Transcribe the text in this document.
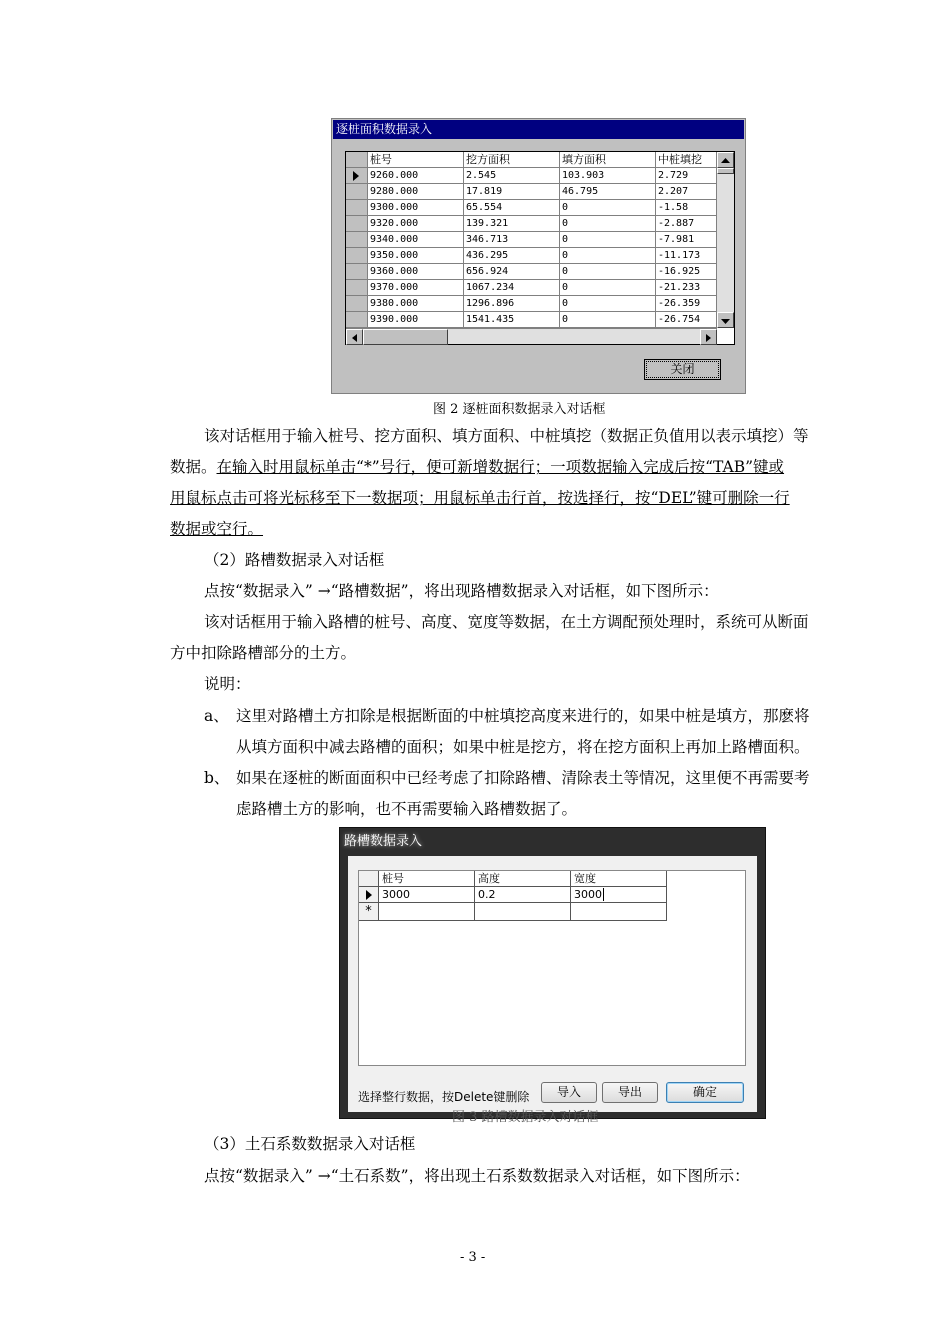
逐桩面积数据录入
桩号	挖方面积	填方面积	中桩填挖
9260.000	2.545	103.903	2.729
9280.000	17.819	46.795	2.207
9300.000	65.554	0	-1.58
9320.000	139.321	0	-2.887
9340.000	346.713	0	-7.981
9350.000	436.295	0	-11.173
9360.000	656.924	0	-16.925
9370.000	1067.234	0	-21.233
9380.000	1296.896	0	-26.359
9390.000	1541.435	0	-26.754
关闭
图 2 逐桩面积数据录入对话框
该对话框用于输入桩号、挖方面积、填方面积、中桩填挖（数据正负值用以表示填挖）等
数据。在输入时用鼠标单击“*”号行，便可新增数据行；一项数据输入完成后按“TAB”键或
用鼠标点击可将光标移至下一数据项；用鼠标单击行首，按选择行，按“DEL”键可删除一行
数据或空行。
（2）路槽数据录入对话框
点按“数据录入” →“路槽数据”，将出现路槽数据录入对话框，如下图所示：
该对话框用于输入路槽的桩号、高度、宽度等数据，在土方调配预处理时，系统可从断面
方中扣除路槽部分的土方。
说明：
a、 这里对路槽土方扣除是根据断面的中桩填挖高度来进行的，如果中桩是填方，那麽将
从填方面积中减去路槽的面积；如果中桩是挖方，将在挖方面积上再加上路槽面积。
b、 如果在逐桩的断面面积中已经考虑了扣除路槽、清除表土等情况，这里便不再需要考
虑路槽土方的影响，也不再需要输入路槽数据了。
路槽数据录入
桩号	高度	宽度
3000	0.2	3000
*
选择整行数据，按Delete键删除	导入	导出	确定
图 3 路槽数据录入对话框
（3）土石系数数据录入对话框
点按“数据录入” →“土石系数”，将出现土石系数数据录入对话框，如下图所示：
- 3 -
